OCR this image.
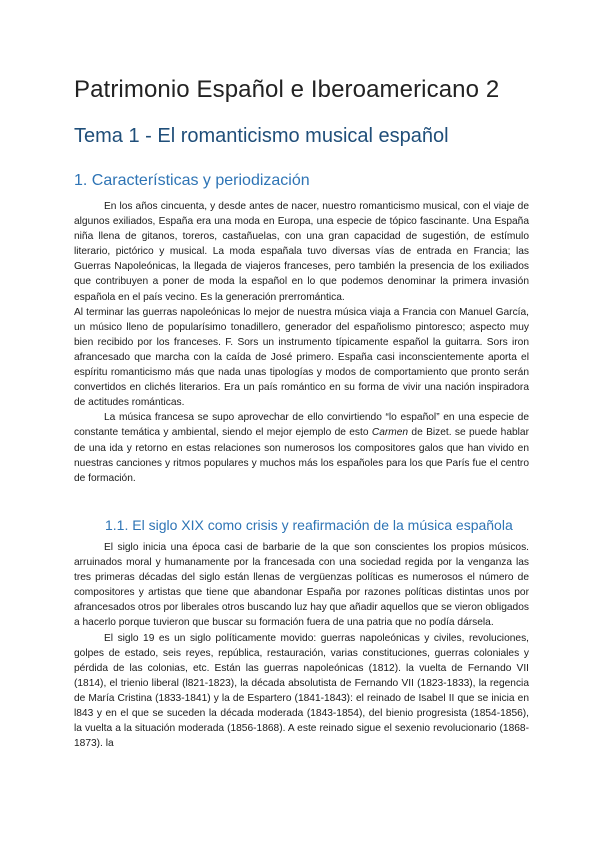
Patrimonio Español e Iberoamericano 2
Tema 1 - El romanticismo musical español
1. Características y periodización

En los años cincuenta, y desde antes de nacer, nuestro romanticismo musical, con el viaje de algunos exiliados, España era una moda en Europa, una especie de tópico fascinante. Una España niña llena de gitanos, toreros, castañuelas, con una gran capacidad de sugestión, de estímulo literario, pictórico y musical. La moda españala tuvo diversas vías de entrada en Francia; las Guerras Napoleónicas, la llegada de viajeros franceses, pero también la presencia de los exiliados que contribuyen a poner de moda la español en lo que podemos denominar la primera invasión española en el país vecino. Es la generación prerromántica.

Al terminar las guerras napoleónicas lo mejor de nuestra música viaja a Francia con Manuel García, un músico lleno de popularísimo tonadillero, generador del españolismo pintoresco; aspecto muy bien recibido por los franceses. F. Sors un instrumento típicamente español la guitarra. Sors iron afrancesado que marcha con la caída de José primero. España casi inconscientemente aporta el espíritu romanticismo más que nada unas tipologías y modos de comportamiento que pronto serán convertidos en clichés literarios. Era un país romántico en su forma de vivir una nación inspiradora de actitudes románticas.

La música francesa se supo aprovechar de ello convirtiendo “lo español” en una especie de constante temática y ambiental, siendo el mejor ejemplo de esto Carmen de Bizet. se puede hablar de una ida y retorno en estas relaciones son numerosos los compositores galos que han vivido en nuestras canciones y ritmos populares y muchos más los españoles para los que París fue el centro de formación.

1.1. El siglo XIX como crisis y reafirmación de la música española

El siglo inicia una época casi de barbarie de la que son conscientes los propios músicos. arruinados moral y humanamente por la francesada con una sociedad regida por la venganza las tres primeras décadas del siglo están llenas de vergüenzas políticas es numerosos el número de compositores y artistas que tiene que abandonar España por razones políticas distintas unos por afrancesados otros por liberales otros buscando luz hay que añadir aquellos que se vieron obligados a hacerlo porque tuvieron que buscar su formación fuera de una patria que no podía dársela.

El siglo 19 es un siglo políticamente movido: guerras napoleónicas y civiles, revoluciones, golpes de estado, seis reyes, república, restauración, varias constituciones, guerras coloniales y pérdida de las colonias, etc. Están las guerras napoleónicas (1812). la vuelta de Fernando VII (1814), el trienio liberal (l821-1823), la década absolutista de Fernando VII (1823-1833), la regencia de María Cristina (1833-1841) y la de Espartero (1841-1843): el reinado de Isabel II que se inicia en l843 y en el que se suceden la década moderada (1843-1854), del bienio progresista (1854-1856), la vuelta a la situación moderada (1856-1868). A este reinado sigue el sexenio revolucionario (1868-1873). la
